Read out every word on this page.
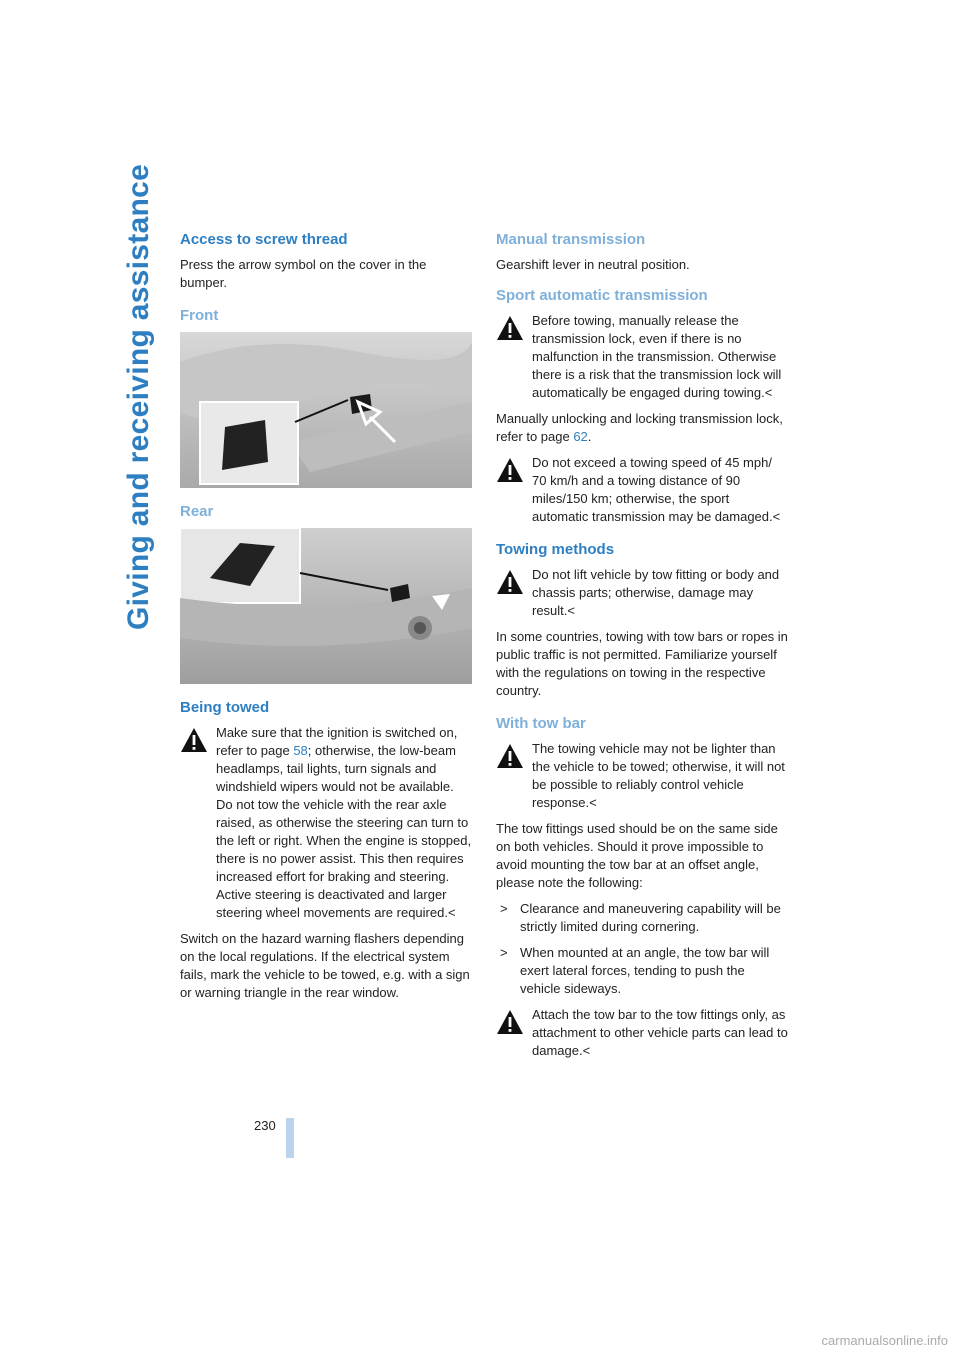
Giving and receiving assistance Access to screw thread

Press the arrow symbol on the cover in the bumper.

Front
Rear
Being towed
Make sure that the ignition is switched on, refer to page 58; otherwise, the low-beam headlamps, tail lights, turn signals and windshield wipers would not be available. Do not tow the vehicle with the rear axle raised, as otherwise the steering can turn to the left or right. When the engine is stopped, there is no power assist. This then requires increased effort for braking and steering. Active steering is deactivated and larger steering wheel movements are required.<

Switch on the hazard warning flashers depending on the local regulations. If the electrical system fails, mark the vehicle to be towed, e.g. with a sign or warning triangle in the rear window.

Manual transmission

Gearshift lever in neutral position.

Sport automatic transmission
Before towing, manually release the transmission lock, even if there is no malfunction in the transmission. Otherwise there is a risk that the transmission lock will automatically be engaged during towing.<

Manually unlocking and locking transmission lock, refer to page 62.

Do not exceed a towing speed of 45 mph/ 70 km/h and a towing distance of 90 miles/150 km; otherwise, the sport automatic transmission may be damaged.<
Towing methods
Do not lift vehicle by tow fitting or body and chassis parts; otherwise, damage may result.<

In some countries, towing with tow bars or ropes in public traffic is not permitted. Familiarize yourself with the regulations on towing in the respective country.

With tow bar
The towing vehicle may not be lighter than the vehicle to be towed; otherwise, it will not be possible to reliably control vehicle response.<

The tow fittings used should be on the same side on both vehicles. Should it prove impossible to avoid mounting the tow bar at an offset angle, please note the following:

> Clearance and maneuvering capability will be strictly limited during cornering.
> When mounted at an angle, the tow bar will exert lateral forces, tending to push the vehicle sideways.
Attach the tow bar to the tow fittings only, as attachment to other vehicle parts can lead to damage.<
230
carmanualsonline.info
